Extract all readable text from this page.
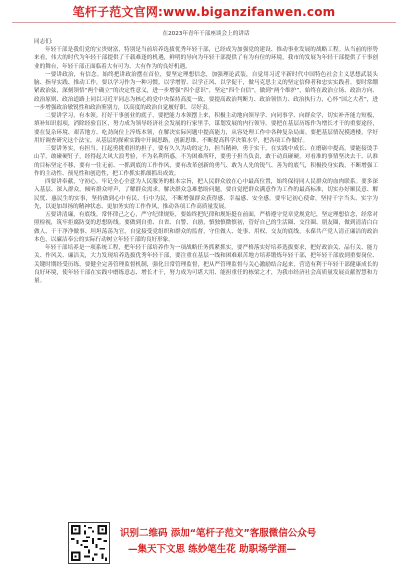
笔杆子范文官网:www.biganzifanwen.com

在2023年青年干部座谈会上的讲话

同志们:

年轻干部是我们党的宝贵财富，特别是当前培养选拔优秀年轻干部，已经成为加强党的建设、推动事业发展的战略工程。从当前的形势来看，伟大的时代为年轻干部提供了千载难逢的机遇，鲜明的导向为年轻干部提供了有为有位的环境，我市的发展为年轻干部提供了干事创业的舞台，年轻干部正面临着大有可为、大有作为的良好机遇。

一要讲政治，有信念。始终把讲政治摆在首位，要坚定理想信念，加强理论武装，自觉用习近平新时代中国特色社会主义思想武装头脑、指导实践、推动工作，要以学习作为一种习惯，以学增智、以学正风、以学促干，做马克思主义的坚定信仰者和忠实实践者。要时常绷紧政治弦，深刻领悟“两个确立”的决定性意义，进一步增强“四个意识”，坚定“四个自信”，做到“两个维护”，始终在政治立场、政治方向、政治原则、政治道路上同以习近平同志为核心的党中央保持高度一致，要提高政治判断力、政治领悟力、政治执行力，心怀“国之大者”，进一步增强政治敏锐性和政治鉴别力，以高度的政治自觉履好职、尽好责。

二要讲学习，有本领。打好干事创业的底子，要把能力本领摆上来，积极主动地向领导学、向同事学、向群众学，切实补齐能力短板，填补知识弱项，消除经验盲区，努力成为领导经济社会发展的行家里手，谋划发展的内行领导。要把在基层历练作为增长才干的重要途径，要在复杂环境、艰苦地方、吃劲岗位上淬炼本领，在解决实际问题中提高能力，从容处理工作中各种复杂局面。要把基层情况摸透楼，学好用好调查研究这个法宝，从基层的探索实践中开阔思路，创新思维，不断提高科学决策水平，把各项工作做好。

三要讲务实，有担当。扛起勇挑重担的担子，要有久久为功的定力，担当精神，勇于实干，在实践中成长、在磨砺中提高，要能接烫手山芋，敢碰硬钉子，经得起大风大浪考验，不为名利所惑，不为困难所吓，要勇于担当负责，敢于动真碰硬，对看准的事情坚决去干、认准的目标坚定不移，要有一往无前、一抓到底的工作作风，要有改革创新的勇气、敢为人先的锐气、善为的底气，积极投身实践，不断增强工作的主动性、预见性和创造性，把工作抓实抓细抓出成效。

四要讲奉献，守初心。牢记全心全意为人民服务的根本宗旨，把人民群众放在心中最高位置，始终保持同人民群众的血肉联系。要多深入基层、深入群众，倾听群众呼声，了解群众需求，解决群众急难愁盼问题，要自觉把群众满意作为工作的最高标准，切实办好顺民意、解民忧、惠民生的实事，坚持做到心中有民、行中为民，不断增强群众获得感、幸福感、安全感。要牢记初心使命，坚持干字当头、实字为先，以更加昂扬的精神状态、更加务实的工作作风，推动各项工作高质量发展。

五要讲清廉，有底线。常怀律己之心，严守纪律规矩，要始终把纪律和规矩挺在前面，严格遵守党章党规党纪，坚定理想信念，经常对照检视，筑牢拒腐防变的思想防线。要做到自重、自省、自警、自励，慎独慎微慎初，管好自己的生活圈、交往圈、朋友圈，做到清清白白做人、干干净净做事、坦坦荡荡为官，自觉接受党组织和群众的监督，守住做人、处事、用权、交友的底线，永葆共产党人清正廉洁的政治本色，以廉洁奉公的实际行动树立年轻干部的良好形象。

年轻干部培养是一项系统工程，把年轻干部培养作为一项战略任务抓紧抓实，要严格落实好培养选拔要求，把好政治关、品行关、能力关、作风关、廉洁关，大力发现培养选拔优秀年轻干部，要注重在基层一线和困难艰苦地方培养锻炼年轻干部，把年轻干部放到重要岗位、关键时期经受历练，要健全完善管理监督机制，强化日常管理监督，把从严管理监督与关心激励结合起来，营造有利于年轻干部健康成长的良好环境，使年轻干部在实践中磨练意志、增长才干，努力成为可堪大用、能担重任的栋梁之才，为我市经济社会高质量发展贡献智慧和力量。

识别二维码 添加“笔杆子范文”客服微信公众号
—集天下文思 练妙笔生花 助职场学涯—
